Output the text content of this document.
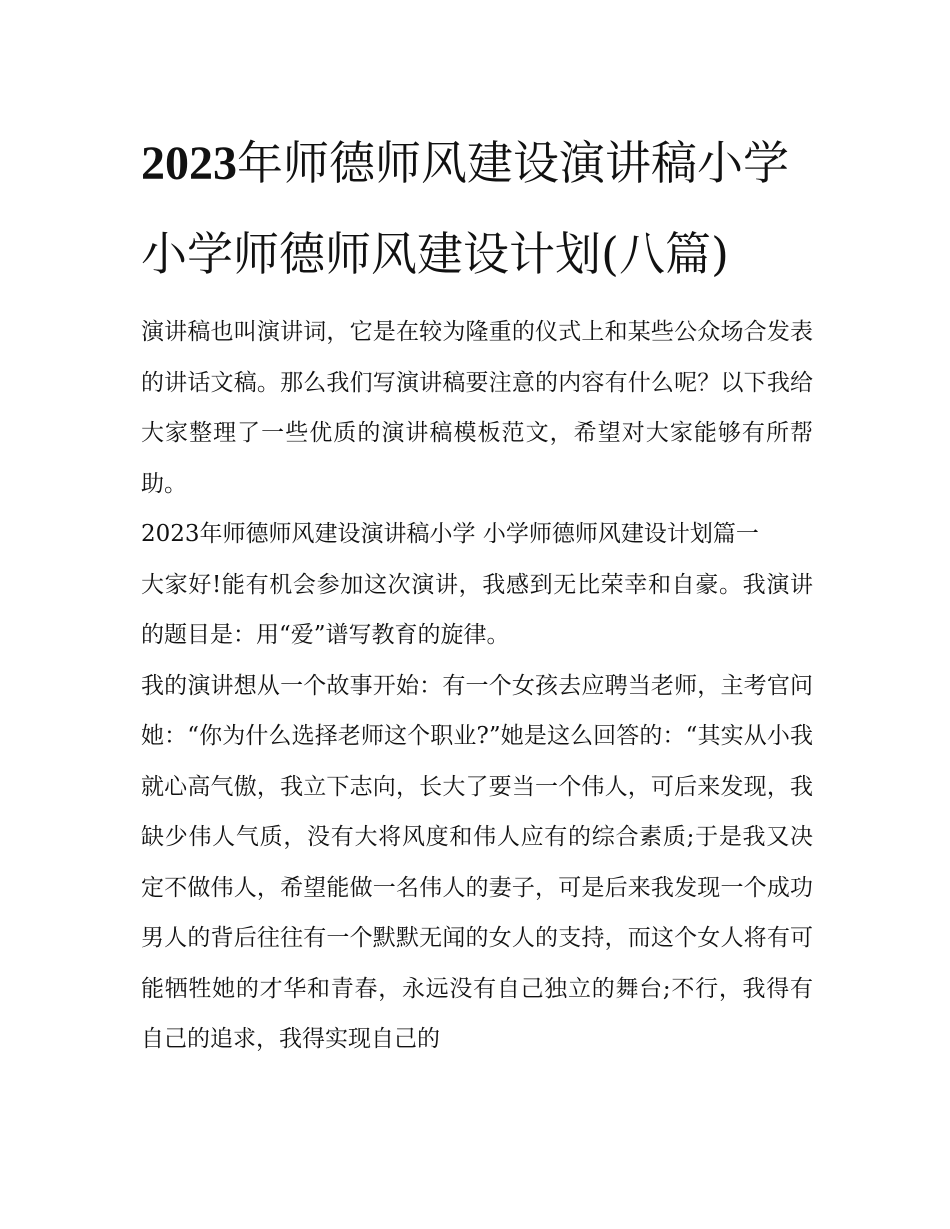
2023年师德师风建设演讲稿小学 小学师德师风建设计划(八篇)

演讲稿也叫演讲词，它是在较为隆重的仪式上和某些公众场合发表的讲话文稿。那么我们写演讲稿要注意的内容有什么呢？以下我给大家整理了一些优质的演讲稿模板范文，希望对大家能够有所帮助。

2023年师德师风建设演讲稿小学 小学师德师风建设计划篇一

大家好!能有机会参加这次演讲，我感到无比荣幸和自豪。我演讲的题目是：用“爱”谱写教育的旋律。

我的演讲想从一个故事开始：有一个女孩去应聘当老师，主考官问她：“你为什么选择老师这个职业?”她是这么回答的：“其实从小我就心高气傲，我立下志向，长大了要当一个伟人，可后来发现，我缺少伟人气质，没有大将风度和伟人应有的综合素质;于是我又决定不做伟人，希望能做一名伟人的妻子，可是后来我发现一个成功男人的背后往往有一个默默无闻的女人的支持，而这个女人将有可能牺牲她的才华和青春，永远没有自己独立的舞台;不行，我得有自己的追求，我得实现自己的
